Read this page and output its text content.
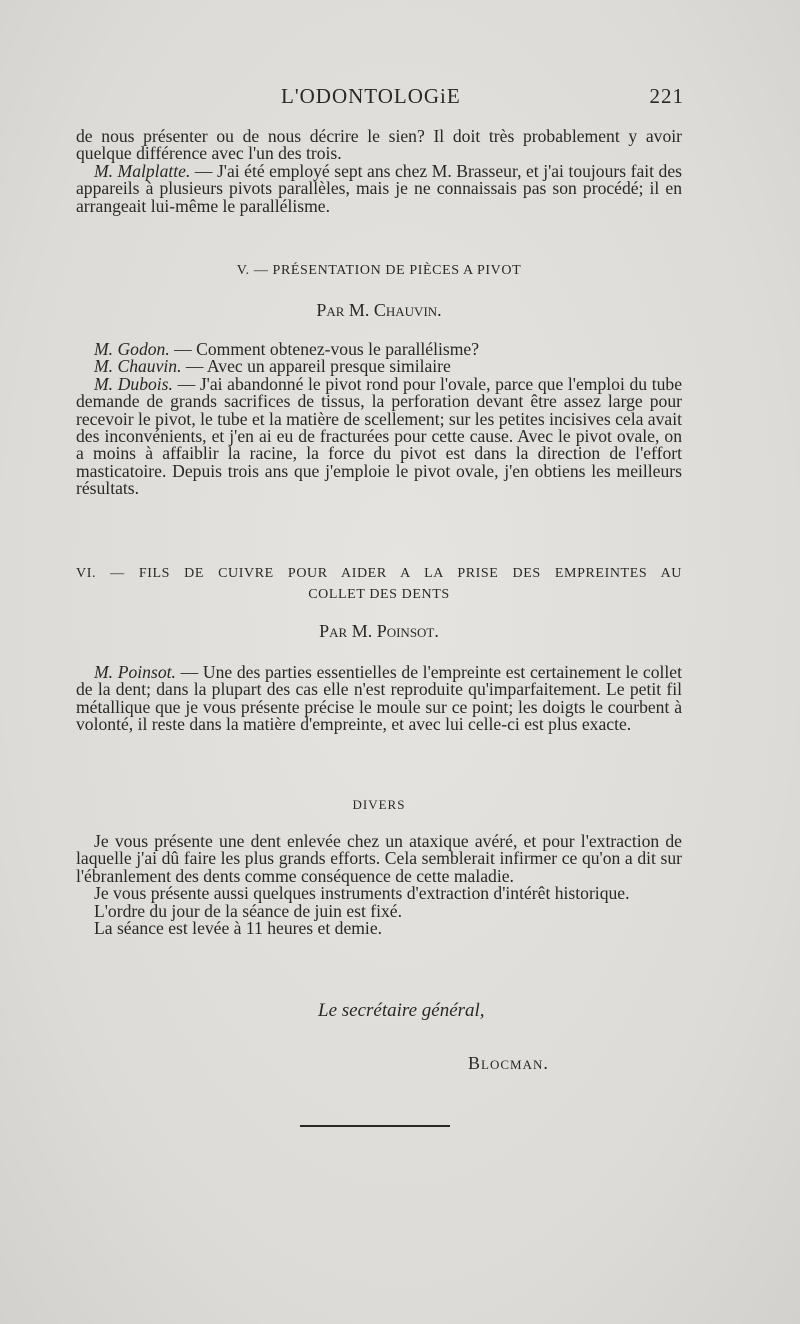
L'ODONTOLOGiE	221

de nous présenter ou de nous décrire le sien? Il doit très probablement y avoir quelque différence avec l'un des trois.

M. Malplatte. — J'ai été employé sept ans chez M. Brasseur, et j'ai toujours fait des appareils à plusieurs pivots parallèles, mais je ne connaissais pas son procédé; il en arrangeait lui-même le parallélisme.

V. — PRÉSENTATION DE PIÈCES A PIVOT

Par M. Chauvin.

M. Godon. — Comment obtenez-vous le parallélisme?

M. Chauvin. — Avec un appareil presque similaire

M. Dubois. — J'ai abandonné le pivot rond pour l'ovale, parce que l'emploi du tube demande de grands sacrifices de tissus, la perforation devant être assez large pour recevoir le pivot, le tube et la matière de scellement; sur les petites incisives cela avait des inconvénients, et j'en ai eu de fracturées pour cette cause. Avec le pivot ovale, on a moins à affaiblir la racine, la force du pivot est dans la direction de l'effort masticatoire. Depuis trois ans que j'emploie le pivot ovale, j'en obtiens les meilleurs résultats.

VI. — FILS DE CUIVRE POUR AIDER A LA PRISE DES EMPREINTES AU

COLLET DES DENTS

Par M. Poinsot.

M. Poinsot. — Une des parties essentielles de l'empreinte est certainement le collet de la dent; dans la plupart des cas elle n'est reproduite qu'imparfaitement. Le petit fil métallique que je vous présente précise le moule sur ce point; les doigts le courbent à volonté, il reste dans la matière d'empreinte, et avec lui celle-ci est plus exacte.

DIVERS

Je vous présente une dent enlevée chez un ataxique avéré, et pour l'extraction de laquelle j'ai dû faire les plus grands efforts. Cela semblerait infirmer ce qu'on a dit sur l'ébranlement des dents comme conséquence de cette maladie.

Je vous présente aussi quelques instruments d'extraction d'intérêt historique.

L'ordre du jour de la séance de juin est fixé.

La séance est levée à 11 heures et demie.

Le secrétaire général,
Blocman.
